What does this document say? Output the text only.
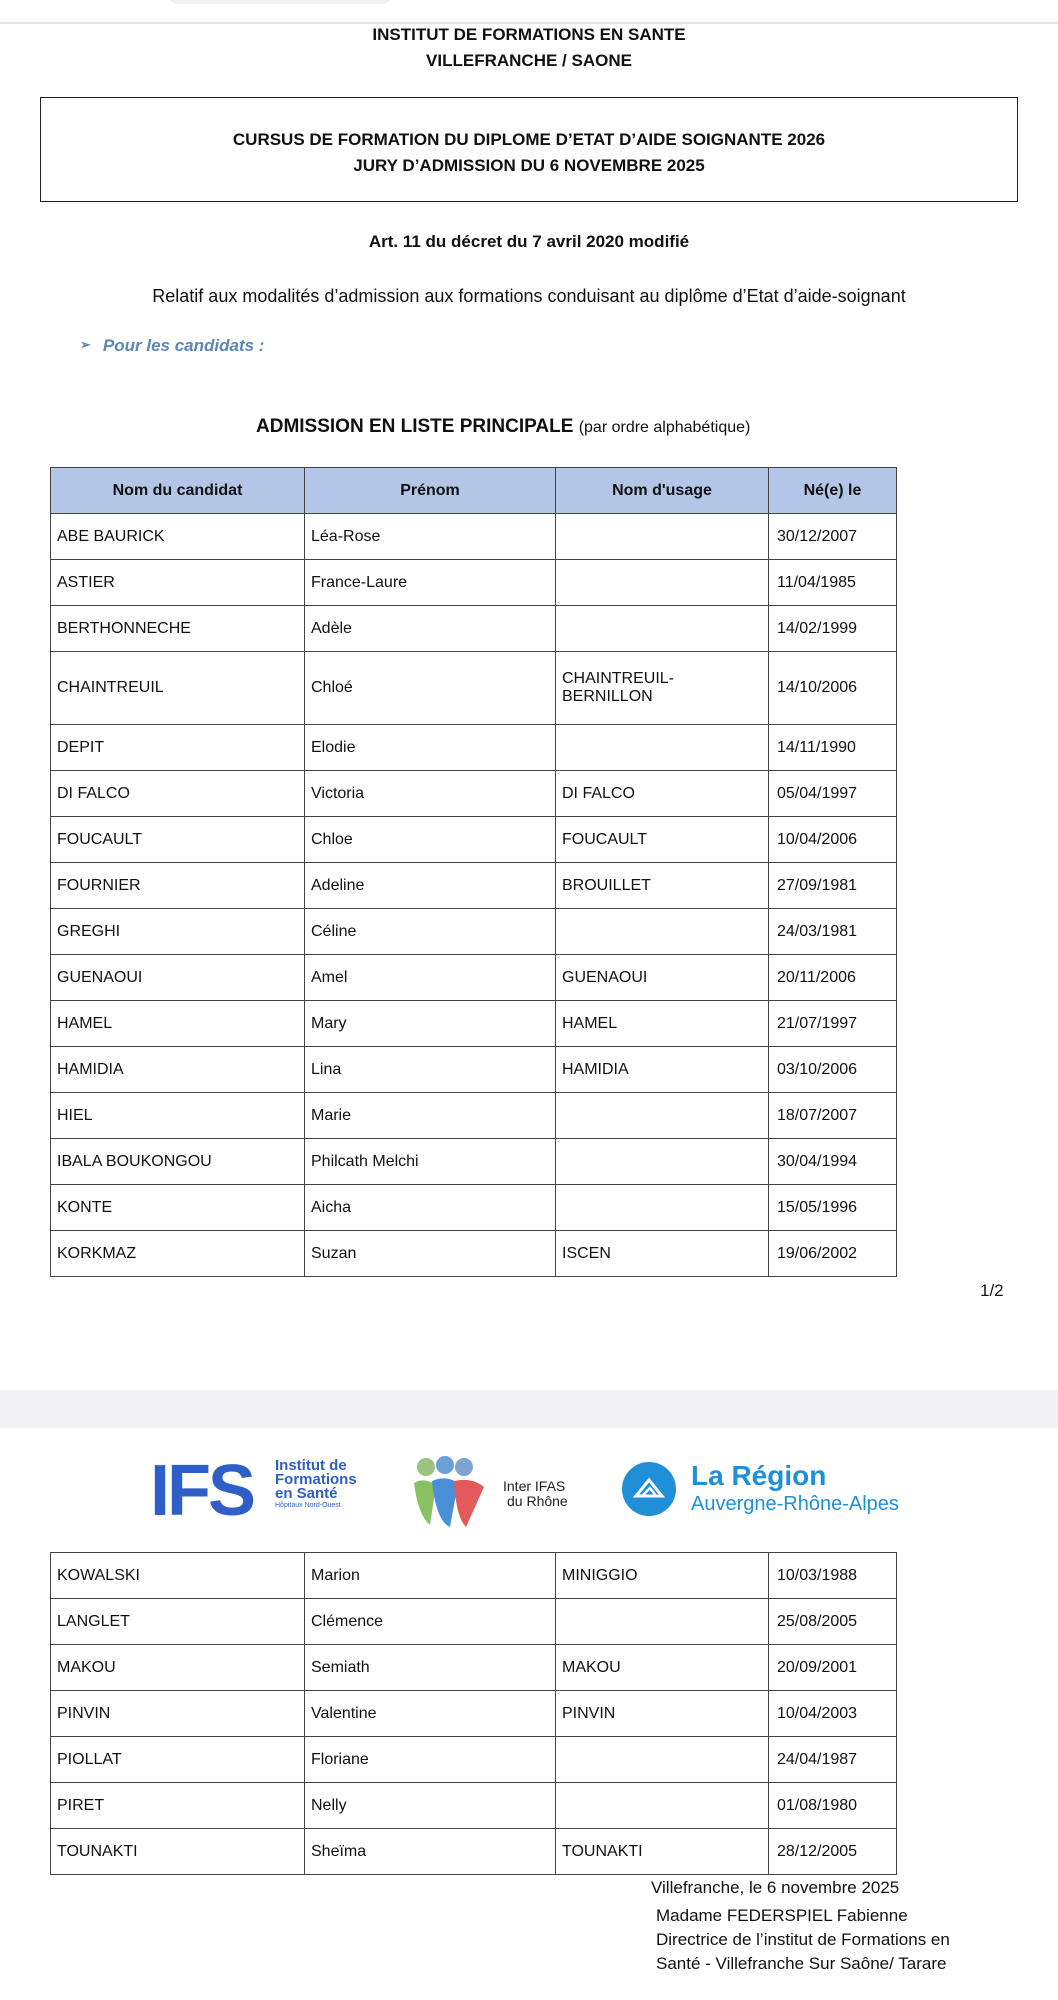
INSTITUT DE FORMATIONS EN SANTE
VILLEFRANCHE / SAONE
CURSUS DE FORMATION DU DIPLOME D’ETAT D’AIDE SOIGNANTE 2026
JURY D’ADMISSION DU 6 NOVEMBRE 2025
Art. 11 du décret du 7 avril 2020 modifié
Relatif aux modalités d’admission aux formations conduisant au diplôme d’Etat d’aide-soignant
➢ Pour les candidats :
ADMISSION EN LISTE PRINCIPALE (par ordre alphabétique)
Nom du candidat	Prénom	Nom d'usage	Né(e) le
ABE BAURICK	Léa-Rose		30/12/2007
ASTIER	France-Laure		11/04/1985
BERTHONNECHE	Adèle		14/02/1999
CHAINTREUIL	Chloé	CHAINTREUIL-BERNILLON	14/10/2006
DEPIT	Elodie		14/11/1990
DI FALCO	Victoria	DI FALCO	05/04/1997
FOUCAULT	Chloe	FOUCAULT	10/04/2006
FOURNIER	Adeline	BROUILLET	27/09/1981
GREGHI	Céline		24/03/1981
GUENAOUI	Amel	GUENAOUI	20/11/2006
HAMEL	Mary	HAMEL	21/07/1997
HAMIDIA	Lina	HAMIDIA	03/10/2006
HIEL	Marie		18/07/2007
IBALA BOUKONGOU	Philcath Melchi		30/04/1994
KONTE	Aicha		15/05/1996
KORKMAZ	Suzan	ISCEN	19/06/2002
1/2
IFS Institut de
Formations
en Santé
Hôpitaux Nord-Ouest
Inter IFAS
du Rhône
La Région
Auvergne-Rhône-Alpes
KOWALSKI	Marion	MINIGGIO	10/03/1988
LANGLET	Clémence		25/08/2005
MAKOU	Semiath	MAKOU	20/09/2001
PINVIN	Valentine	PINVIN	10/04/2003
PIOLLAT	Floriane		24/04/1987
PIRET	Nelly		01/08/1980
TOUNAKTI	Sheïma	TOUNAKTI	28/12/2005
Villefranche, le 6 novembre 2025
Madame FEDERSPIEL Fabienne
Directrice de l’institut de Formations en
Santé - Villefranche Sur Saône/ Tarare
